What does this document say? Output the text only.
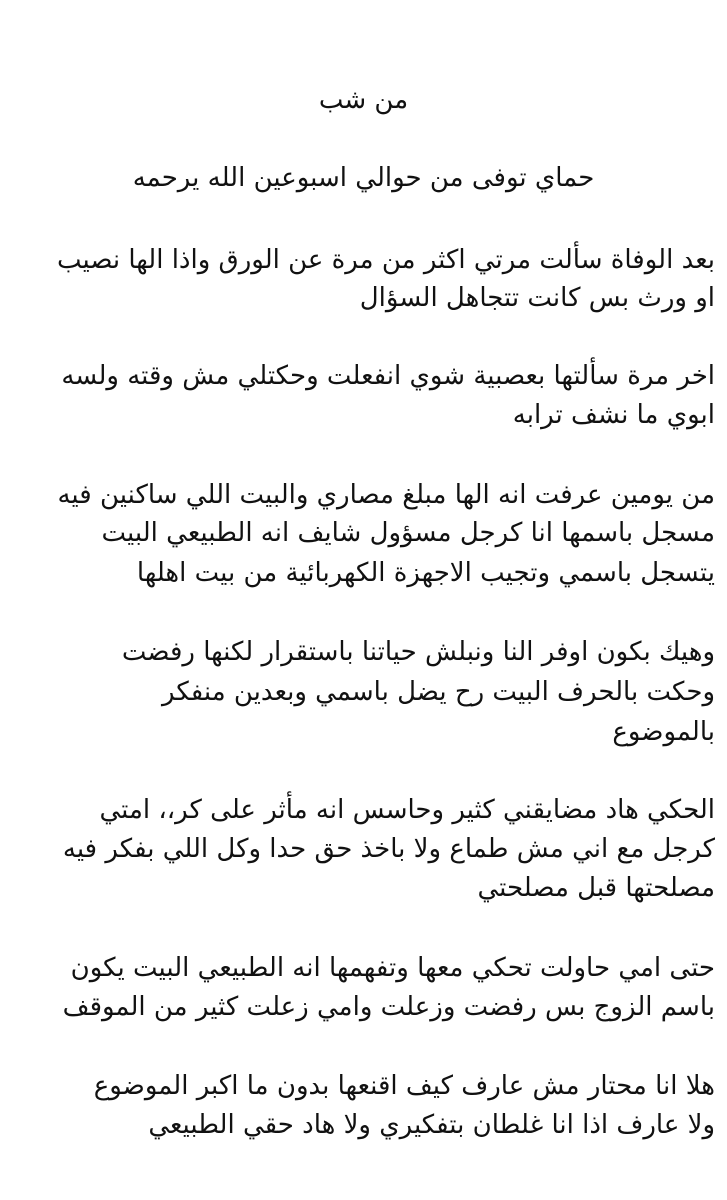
من شب
حماي توفى من حوالي اسبوعين الله يرحمه
بعد الوفاة سألت مرتي اكثر من مرة عن الورق واذا الها نصيب
او ورث بس كانت تتجاهل السؤال
اخر مرة سألتها بعصبية شوي انفعلت وحكتلي مش وقته ولسه
ابوي ما نشف ترابه
من يومين عرفت انه الها مبلغ مصاري والبيت اللي ساكنين فيه
مسجل باسمها انا كرجل مسؤول شايف انه الطبيعي البيت
يتسجل باسمي وتجيب الاجهزة الكهربائية من بيت اهلها
وهيك بكون اوفر النا ونبلش حياتنا باستقرار لكنها رفضت
وحكت بالحرف البيت رح يضل باسمي وبعدين منفكر
بالموضوع
الحكي هاد مضايقني كثير وحاسس انه مأثر على كر،، امتي
كرجل مع اني مش طماع ولا باخذ حق حدا وكل اللي بفكر فيه
مصلحتها قبل مصلحتي
حتى امي حاولت تحكي معها وتفهمها انه الطبيعي البيت يكون
باسم الزوج بس رفضت وزعلت وامي زعلت كثير من الموقف
هلا انا محتار مش عارف كيف اقنعها بدون ما اكبر الموضوع
ولا عارف اذا انا غلطان بتفكيري ولا هاد حقي الطبيعي
